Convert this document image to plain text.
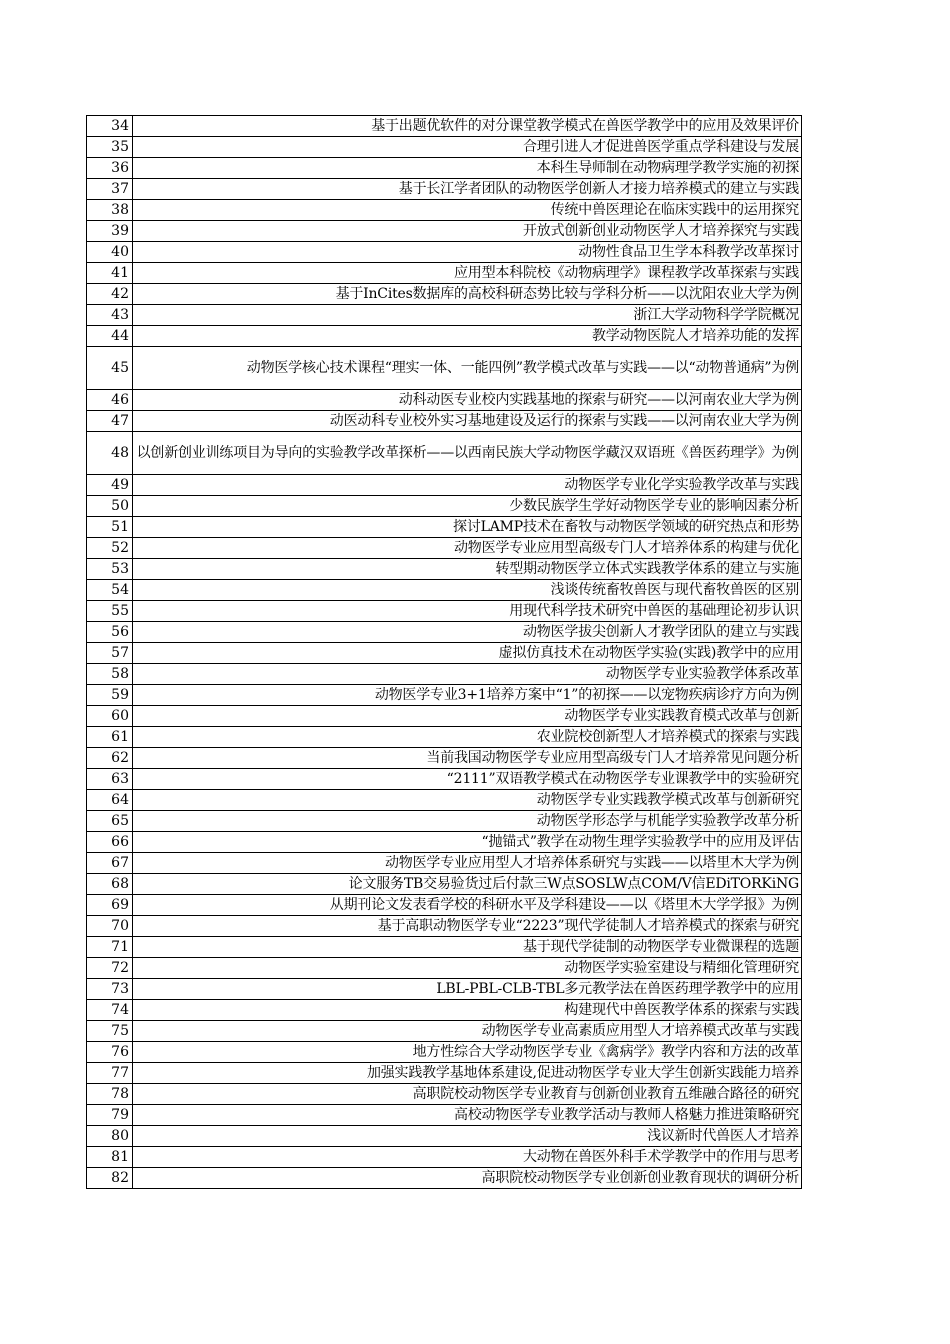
34	基于出题优软件的对分课堂教学模式在兽医学教学中的应用及效果评价
35	合理引进人才促进兽医学重点学科建设与发展
36	本科生导师制在动物病理学教学实施的初探
37	基于长江学者团队的动物医学创新人才接力培养模式的建立与实践
38	传统中兽医理论在临床实践中的运用探究
39	开放式创新创业动物医学人才培养探究与实践
40	动物性食品卫生学本科教学改革探讨
41	应用型本科院校《动物病理学》课程教学改革探索与实践
42	基于InCites数据库的高校科研态势比较与学科分析——以沈阳农业大学为例
43	浙江大学动物科学学院概况
44	教学动物医院人才培养功能的发挥
45	动物医学核心技术课程“理实一体、一能四例”教学模式改革与实践——以“动物普通病”为例
46	动科动医专业校内实践基地的探索与研究——以河南农业大学为例
47	动医动科专业校外实习基地建设及运行的探索与实践——以河南农业大学为例
48	以创新创业训练项目为导向的实验教学改革探析——以西南民族大学动物医学藏汉双语班《兽医药理学》为例
49	动物医学专业化学实验教学改革与实践
50	少数民族学生学好动物医学专业的影响因素分析
51	探讨LAMP技术在畜牧与动物医学领域的研究热点和形势
52	动物医学专业应用型高级专门人才培养体系的构建与优化
53	转型期动物医学立体式实践教学体系的建立与实施
54	浅谈传统畜牧兽医与现代畜牧兽医的区别
55	用现代科学技术研究中兽医的基础理论初步认识
56	动物医学拔尖创新人才教学团队的建立与实践
57	虚拟仿真技术在动物医学实验(实践)教学中的应用
58	动物医学专业实验教学体系改革
59	动物医学专业3+1培养方案中“1”的初探——以宠物疾病诊疗方向为例
60	动物医学专业实践教育模式改革与创新
61	农业院校创新型人才培养模式的探索与实践
62	当前我国动物医学专业应用型高级专门人才培养常见问题分析
63	“2111”双语教学模式在动物医学专业课教学中的实验研究
64	动物医学专业实践教学模式改革与创新研究
65	动物医学形态学与机能学实验教学改革分析
66	“抛锚式”教学在动物生理学实验教学中的应用及评估
67	动物医学专业应用型人才培养体系研究与实践——以塔里木大学为例
68	论文服务TB交易验货过后付款三W点SOSLW点COM/V信EDiTORKiNG
69	从期刊论文发表看学校的科研水平及学科建设——以《塔里木大学学报》为例
70	基于高职动物医学专业“2223”现代学徒制人才培养模式的探索与研究
71	基于现代学徒制的动物医学专业微课程的选题
72	动物医学实验室建设与精细化管理研究
73	LBL-PBL-CLB-TBL多元教学法在兽医药理学教学中的应用
74	构建现代中兽医教学体系的探索与实践
75	动物医学专业高素质应用型人才培养模式改革与实践
76	地方性综合大学动物医学专业《禽病学》教学内容和方法的改革
77	加强实践教学基地体系建设,促进动物医学专业大学生创新实践能力培养
78	高职院校动物医学专业教育与创新创业教育五维融合路径的研究
79	高校动物医学专业教学活动与教师人格魅力推进策略研究
80	浅议新时代兽医人才培养
81	大动物在兽医外科手术学教学中的作用与思考
82	高职院校动物医学专业创新创业教育现状的调研分析
